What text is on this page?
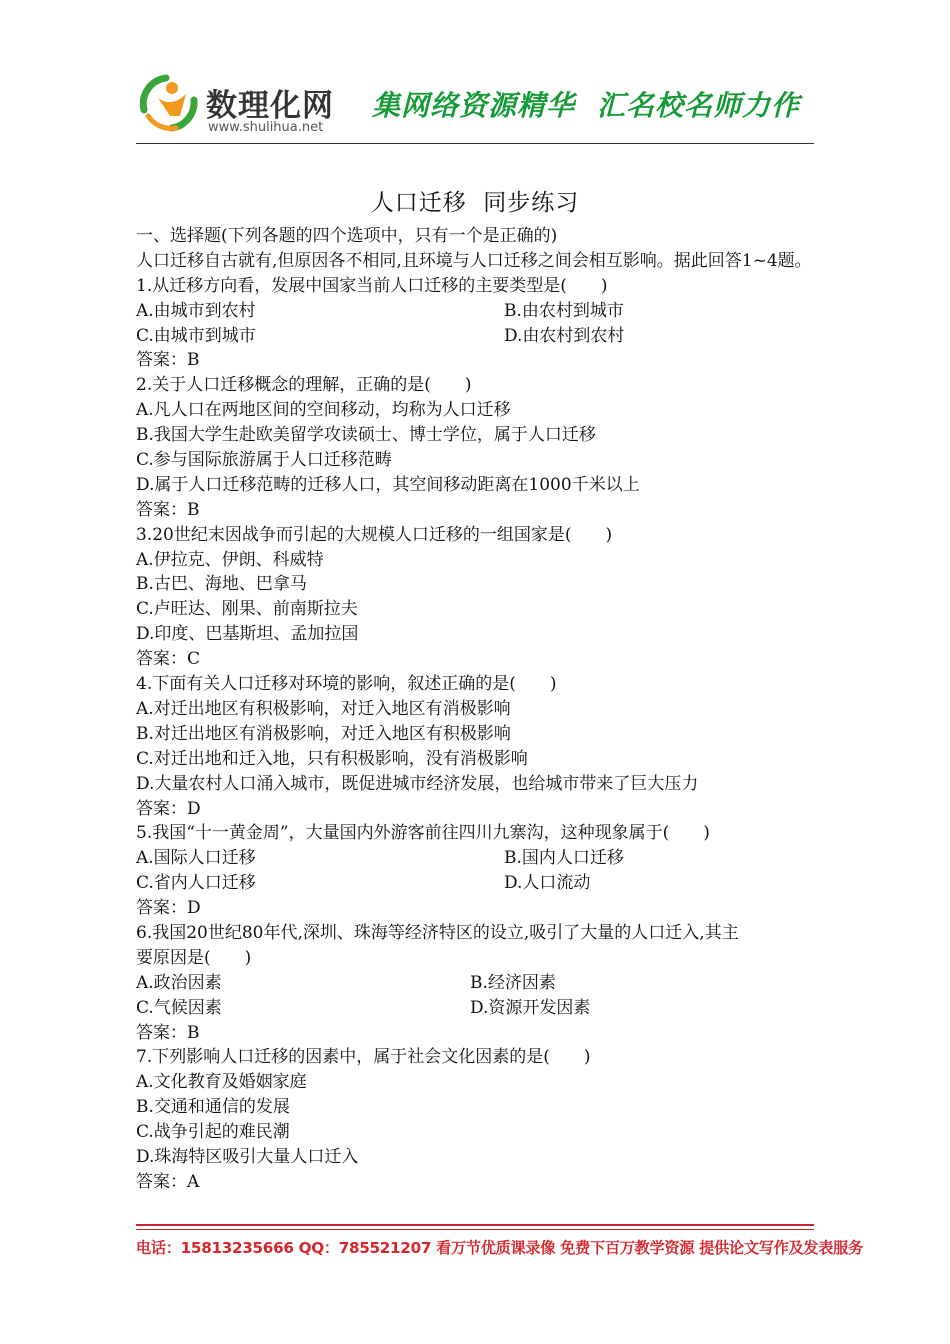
数理化网
www.shulihua.net
集网络资源精华 汇名校名师力作
人口迁移  同步练习
一、选择题(下列各题的四个选项中，只有一个是正确的)
人口迁移自古就有,但原因各不相同,且环境与人口迁移之间会相互影响。据此回答1~4题。
1.从迁移方向看，发展中国家当前人口迁移的主要类型是(　　)
A.由城市到农村	B.由农村到城市
C.由城市到城市	D.由农村到农村
答案：B
2.关于人口迁移概念的理解，正确的是(　　)
A.凡人口在两地区间的空间移动，均称为人口迁移
B.我国大学生赴欧美留学攻读硕士、博士学位，属于人口迁移
C.参与国际旅游属于人口迁移范畴
D.属于人口迁移范畴的迁移人口，其空间移动距离在1000千米以上
答案：B
3.20世纪末因战争而引起的大规模人口迁移的一组国家是(　　)
A.伊拉克、伊朗、科威特
B.古巴、海地、巴拿马
C.卢旺达、刚果、前南斯拉夫
D.印度、巴基斯坦、孟加拉国
答案：C
4.下面有关人口迁移对环境的影响，叙述正确的是(　　)
A.对迁出地区有积极影响，对迁入地区有消极影响
B.对迁出地区有消极影响，对迁入地区有积极影响
C.对迁出地和迁入地，只有积极影响，没有消极影响
D.大量农村人口涌入城市，既促进城市经济发展，也给城市带来了巨大压力
答案：D
5.我国“十一黄金周”，大量国内外游客前往四川九寨沟，这种现象属于(　　)
A.国际人口迁移	B.国内人口迁移
C.省内人口迁移	D.人口流动
答案：D
6.我国20世纪80年代,深圳、珠海等经济特区的设立,吸引了大量的人口迁入,其主
要原因是(　　)
A.政治因素	B.经济因素
C.气候因素	D.资源开发因素
答案：B
7.下列影响人口迁移的因素中，属于社会文化因素的是(　　)
A.文化教育及婚姻家庭
B.交通和通信的发展
C.战争引起的难民潮
D.珠海特区吸引大量人口迁入
答案：A
电话：15813235666 QQ：785521207 看万节优质课录像 免费下百万教学资源 提供论文写作及发表服务
